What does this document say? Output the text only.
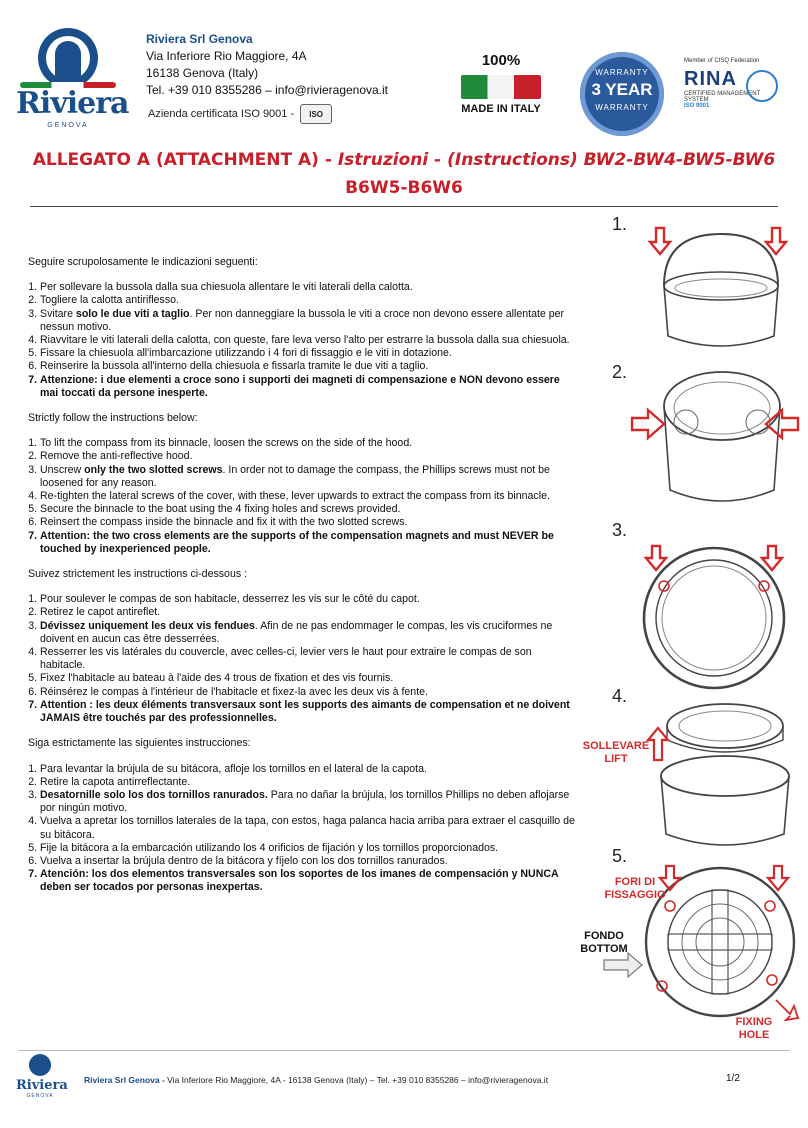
Riviera
GENOVA
Riviera Srl Genova
Via Inferiore Rio Maggiore, 4A
16138 Genova (Italy)
Tel. +39 010 8355286 – info@rivieragenova.it
Azienda certificata ISO 9001 -	ISO
100%
MADE IN ITALY
WARRANTY
3 YEAR
WARRANTY
Member of CISQ Federation
RINA
CERTIFIED MANAGEMENT SYSTEM
ISO 9001
ALLEGATO A (ATTACHMENT A) - Istruzioni - (Instructions) BW2-BW4-BW5-BW6
B6W5-B6W6

Seguire scrupolosamente le indicazioni seguenti:

1. Per sollevare la bussola dalla sua chiesuola allentare le viti laterali della calotta.
2. Togliere la calotta antiriflesso.
3. Svitare solo le due viti a taglio. Per non danneggiare la bussola le viti a croce non devono essere allentate per nessun motivo.
4. Riavvitare le viti laterali della calotta, con queste, fare leva verso l'alto per estrarre la bussola dalla sua chiesuola.
5. Fissare la chiesuola all'imbarcazione utilizzando i 4 fori di fissaggio e le viti in dotazione.
6. Reinserire la bussola all'interno della chiesuola e fissarla tramite le due viti a taglio.
7. Attenzione: i due elementi a croce sono i supporti dei magneti di compensazione e NON devono essere mai toccati da persone inesperte.

Strictly follow the instructions below:

1. To lift the compass from its binnacle, loosen the screws on the side of the hood.
2. Remove the anti-reflective hood.
3. Unscrew only the two slotted screws. In order not to damage the compass, the Phillips screws must not be loosened for any reason.
4. Re-tighten the lateral screws of the cover, with these, lever upwards to extract the compass from its binnacle.
5. Secure the binnacle to the boat using the 4 fixing holes and screws provided.
6. Reinsert the compass inside the binnacle and fix it with the two slotted screws.
7. Attention: the two cross elements are the supports of the compensation magnets and must NEVER be touched by inexperienced people.

Suivez strictement les instructions ci-dessous :

1. Pour soulever le compas de son habitacle, desserrez les vis sur le côté du capot.
2. Retirez le capot antireflet.
3. Dévissez uniquement les deux vis fendues. Afin de ne pas endommager le compas, les vis cruciformes ne doivent en aucun cas être desserrées.
4. Resserrer les vis latérales du couvercle, avec celles-ci, levier vers le haut pour extraire le compas de son habitacle.
5. Fixez l'habitacle au bateau à l'aide des 4 trous de fixation et des vis fournis.
6. Réinsérez le compas à l'intérieur de l'habitacle et fixez-la avec les deux vis à fente.
7. Attention : les deux éléments transversaux sont les supports des aimants de compensation et ne doivent JAMAIS être touchés par des professionnelles.

Siga estrictamente las siguientes instrucciones:

1. Para levantar la brújula de su bitácora, afloje los tornillos en el lateral de la capota.
2. Retire la capota antirreflectante.
3. Desatornille solo los dos tornillos ranurados. Para no dañar la brújula, los tornillos Phillips no deben aflojarse por ningún motivo.
4. Vuelva a apretar los tornillos laterales de la tapa, con estos, haga palanca hacia arriba para extraer el casquillo de su bitácora.
5. Fije la bitácora a la embarcación utilizando los 4 orificios de fijación y los tornillos proporcionados.
6. Vuelva a insertar la brújula dentro de la bitácora y fíjelo con los dos tornillos ranurados.
7. Atención: los dos elementos transversales son los soportes de los imanes de compensación y NUNCA deben ser tocados por personas inexpertas.
1.
2.
3.
4.
SOLLEVARE
LIFT
5.
FORI DI
FISSAGGIO
FONDO
BOTTOM
FIXING
HOLE
Riviera
GENOVA
Riviera Srl Genova - Via Inferiore Rio Maggiore, 4A - 16138 Genova (Italy) – Tel. +39 010 8355286 – info@rivieragenova.it	1/2
